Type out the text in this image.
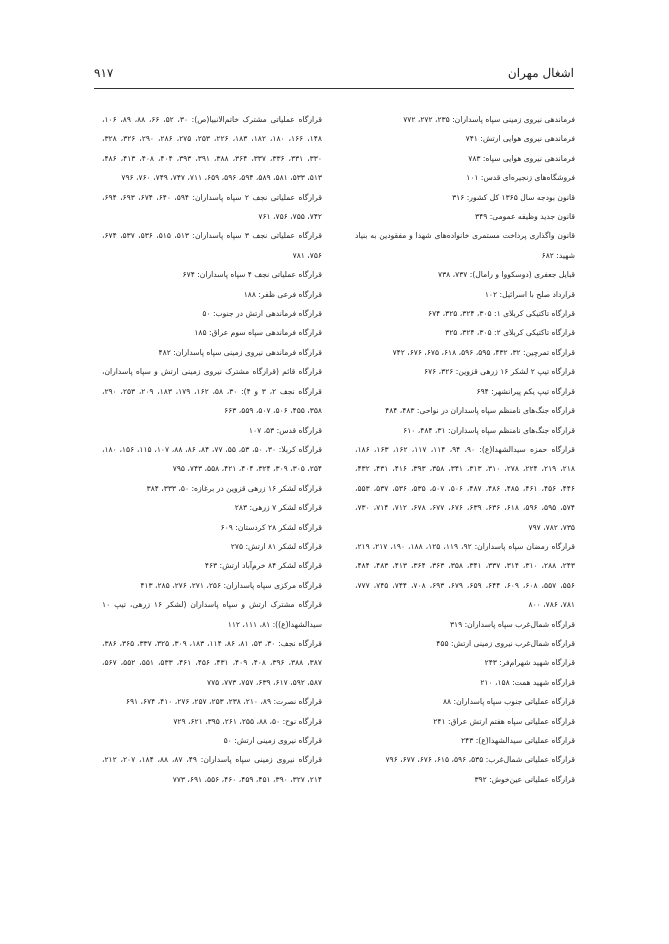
اشغال مهران
۹۱۷
فرماندهی نیروی زمینی سپاه پاسداران: ۲۳۵، ۲۷۲، ۷۷۲
فرماندهی نیروی هوایی ارتش: ۷۴۱
فرماندهی نیروی هوایی سپاه: ۷۸۳
فروشگاه‌های زنجیره‌ای قدس: ۱۰۱
قانون بودجه سال ۱۳۶۵ کل کشور: ۳۱۶
قانون جدید وظیفه عمومی: ۳۴۹
قانون واگذاری پرداخت مستمری خانواده‌های شهدا و مفقودین به بنیاد شهید: ۶۸۲
قبایل جعفری (دوسکووا و رامال): ۷۳۷، ۷۳۸
قرارداد صلح با اسرائیل: ۱۰۲
قرارگاه تاکتیکی کربلای ۱: ۳۰۵، ۳۲۴، ۳۲۵، ۶۷۴
قرارگاه تاکتیکی کربلای ۲: ۳۰۵، ۳۲۴، ۳۲۵
قرارگاه تمرچین: ۳۲، ۴۳۲، ۵۹۵، ۵۹۶، ۶۱۸، ۶۷۵، ۶۷۶، ۷۴۲
قرارگاه تیپ ۲ لشکر ۱۶ زرهی قزوین: ۳۲۶، ۶۷۶
قرارگاه تیپ یکم پیرانشهر: ۶۹۴
قرارگاه جنگ‌های نامنظم سپاه پاسداران در نواحی: ۴۸۳، ۴۸۴
قرارگاه جنگ‌های نامنظم سپاه پاسداران: ۳۱، ۴۸۴، ۶۱۰
قرارگاه حمزه سیدالشهدا(ع): ۹۰، ۹۴، ۱۱۴، ۱۱۷، ۱۶۲، ۱۶۳، ۱۸۶، ۲۱۸، ۲۱۹، ۲۲۴، ۲۷۸، ۳۱۰، ۳۱۳، ۳۴۱، ۳۵۸، ۳۹۳، ۴۱۶، ۴۳۱، ۴۳۲، ۴۴۶، ۴۵۶، ۴۶۱، ۴۸۵، ۴۸۶، ۴۸۷، ۵۰۶، ۵۰۷، ۵۳۵، ۵۳۶، ۵۳۷، ۵۵۳، ۵۷۴، ۵۹۵، ۵۹۶، ۶۱۸، ۶۳۶، ۶۳۹، ۶۷۶، ۶۷۷، ۶۷۸، ۷۱۲، ۷۱۴، ۷۳۰، ۷۳۵، ۷۸۲، ۷۹۷
قرارگاه رمضان سپاه پاسداران: ۹۲، ۱۱۹، ۱۲۵، ۱۸۸، ۱۹۰، ۲۱۷، ۲۱۹، ۲۴۳، ۲۸۸، ۳۱۰، ۳۱۴، ۳۳۷، ۳۴۱، ۳۵۸، ۳۶۳، ۳۶۴، ۴۱۳، ۴۸۳، ۴۸۴، ۵۵۶، ۵۵۷، ۶۰۸، ۶۰۹، ۶۴۴، ۶۵۹، ۶۷۹، ۶۹۳، ۷۰۸، ۷۴۴، ۷۴۵، ۷۷۷، ۷۸۱، ۷۸۶، ۸۰۰
قرارگاه شمال‌غرب سپاه پاسداران: ۳۱۹
قرارگاه شمال‌غرب نیروی زمینی ارتش: ۴۵۵
قرارگاه شهید شهرام‌فر: ۲۴۳
قرارگاه شهید همت: ۱۵۸، ۲۱۰
قرارگاه عملیاتی جنوب سپاه پاسداران: ۸۸
قرارگاه عملیاتی سپاه هفتم ارتش عراق: ۲۴۱
قرارگاه عملیاتی سیدالشهدا(ع): ۲۴۳
قرارگاه عملیاتی شمال‌غرب: ۵۳۵، ۵۹۶، ۶۱۵، ۶۷۶، ۶۷۷، ۷۹۶
قرارگاه عملیاتی عین‌خوش: ۳۹۲
قرارگاه عملیاتی مشترک خاتم‌الانبیا(ص): ۳۰، ۵۲، ۶۶، ۸۸، ۸۹، ۱۰۶، ۱۴۸، ۱۶۶، ۱۸۰، ۱۸۲، ۱۸۳، ۲۲۶، ۲۵۳، ۲۷۵، ۲۸۶، ۲۹۰، ۳۲۶، ۳۲۸، ۳۳۰، ۳۳۱، ۳۳۶، ۳۳۷، ۳۶۴، ۳۸۸، ۳۹۱، ۳۹۳، ۴۰۴، ۴۰۸، ۴۱۳، ۴۸۶، ۵۱۳، ۵۳۳، ۵۸۱، ۵۸۹، ۵۹۴، ۵۹۶، ۶۵۹، ۷۱۱، ۷۴۷، ۷۴۹، ۷۶۰، ۷۹۶
قرارگاه عملیاتی نجف ۲ سپاه پاسداران: ۵۹۴، ۶۴۰، ۶۷۴، ۶۹۳، ۶۹۴، ۷۴۲، ۷۵۵، ۷۵۶، ۷۶۱
قرارگاه عملیاتی نجف ۳ سپاه پاسداران: ۵۱۳، ۵۱۵، ۵۳۶، ۵۳۷، ۶۷۴، ۷۵۶، ۷۸۱
قرارگاه عملیاتی نجف ۴ سپاه پاسداران: ۶۷۴
قرارگاه فرعی ظفر: ۱۸۸
قرارگاه فرماندهی ارتش در جنوب: ۵۰
قرارگاه فرماندهی سپاه سوم عراق: ۱۸۵
قرارگاه فرماندهی نیروی زمینی سپاه پاسداران: ۴۸۲
قرارگاه قائم (قرارگاه مشترک نیروی زمینی ارتش و سپاه پاسداران، قرارگاه نجف ۲، ۳ و ۴): ۳۰، ۵۸، ۱۶۲، ۱۷۹، ۱۸۳، ۲۰۹، ۲۵۳، ۲۹۰، ۳۵۸، ۴۵۵، ۵۰۶، ۵۰۷، ۵۵۹، ۶۶۳
قرارگاه قدس: ۵۳، ۱۰۷
قرارگاه کربلا: ۳۰، ۵۰، ۵۳، ۵۵، ۷۷، ۸۴، ۸۶، ۸۸، ۱۰۷، ۱۱۵، ۱۵۶، ۱۸۰، ۲۵۴، ۳۰۵، ۳۰۹، ۳۲۴، ۴۰۴، ۴۲۱، ۵۵۸، ۷۴۳، ۷۹۵
قرارگاه لشکر ۱۶ زرهی قزوین در برغازه: ۵۰، ۳۳۳، ۳۸۴
قرارگاه لشکر ۷ زرهی: ۲۸۳
قرارگاه لشکر ۲۸ کردستان: ۶۰۹
قرارگاه لشکر ۸۱ ارتش: ۲۷۵
قرارگاه لشکر ۸۴ خرم‌آباد ارتش: ۴۶۳
قرارگاه مرکزی سپاه پاسداران: ۲۵۶، ۲۷۱، ۲۷۶، ۲۸۵، ۴۱۳
قرارگاه مشترک ارتش و سپاه پاسداران (لشکر ۱۶ زرهی، تیپ ۱۰ سیدالشهدا(ع)): ۸۱، ۱۱۱، ۱۱۲
قرارگاه نجف: ۳۰، ۵۳، ۸۱، ۸۶، ۱۱۴، ۱۸۳، ۳۰۹، ۳۲۵، ۳۳۷، ۳۶۵، ۳۸۶، ۳۸۷، ۳۸۸، ۳۹۶، ۴۰۸، ۴۰۹، ۴۳۱، ۴۵۶، ۴۶۱، ۵۳۳، ۵۵۱، ۵۵۲، ۵۶۷، ۵۸۷، ۵۹۲، ۶۱۷، ۶۳۹، ۷۵۷، ۷۷۳، ۷۷۵
قرارگاه نصرت: ۸۹، ۲۱۰، ۲۳۸، ۲۵۳، ۲۵۷، ۲۷۶، ۴۱۰، ۶۷۴، ۶۹۱
قرارگاه نوح: ۵۰، ۸۸، ۲۵۵، ۲۶۱، ۳۹۵، ۶۲۱، ۷۲۹
قرارگاه نیروی زمینی ارتش: ۵۰
قرارگاه نیروی زمینی سپاه پاسداران: ۴۹، ۸۷، ۸۸، ۱۸۴، ۲۰۷، ۲۱۲، ۲۱۴، ۳۲۷، ۳۹۰، ۴۵۱، ۴۵۹، ۴۶۰، ۵۵۶، ۶۹۱، ۷۷۳
